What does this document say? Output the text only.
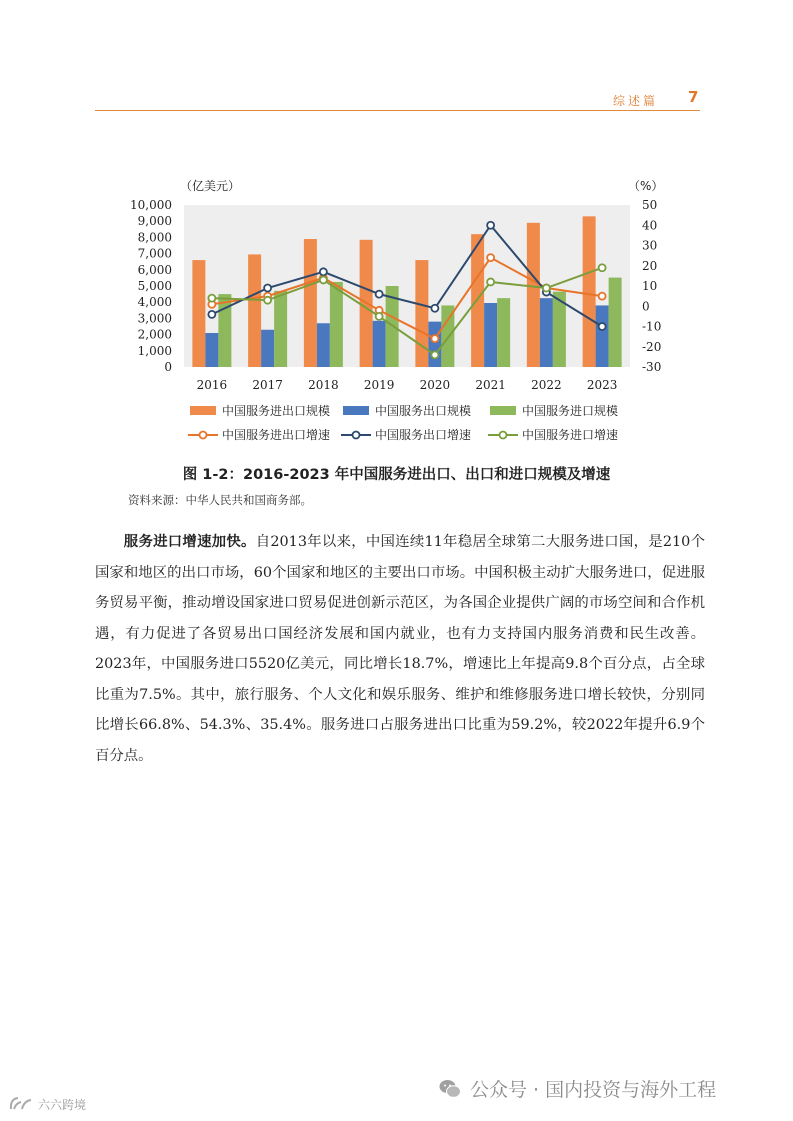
综述篇 7
（亿美元）	（%）
0
1,000
2,000
3,000
4,000
5,000
6,000
7,000
8,000
9,000
10,000
-30
-20
-10
0
10
20
30
40
50
2016 2017 2018 2019 2020 2021 2022 2023
中国服务进出口规模	中国服务出口规模	中国服务进口规模
中国服务进出口增速	中国服务出口增速	中国服务进口增速
图 1-2：2016-2023 年中国服务进出口、出口和进口规模及增速
资料来源：中华人民共和国商务部。

服务进口增速加快。自2013年以来，中国连续11年稳居全球第二大服务进口国，是210个国家和地区的出口市场，60个国家和地区的主要出口市场。中国积极主动扩大服务进口，促进服务贸易平衡，推动增设国家进口贸易促进创新示范区，为各国企业提供广阔的市场空间和合作机遇，有力促进了各贸易出口国经济发展和国内就业，也有力支持国内服务消费和民生改善。2023年，中国服务进口5520亿美元，同比增长18.7%，增速比上年提高9.8个百分点，占全球比重为7.5%。其中，旅行服务、个人文化和娱乐服务、维护和维修服务进口增长较快，分别同比增长66.8%、54.3%、35.4%。服务进口占服务进出口比重为59.2%，较2022年提升6.9个百分点。

公众号 · 国内投资与海外工程
六六跨境
